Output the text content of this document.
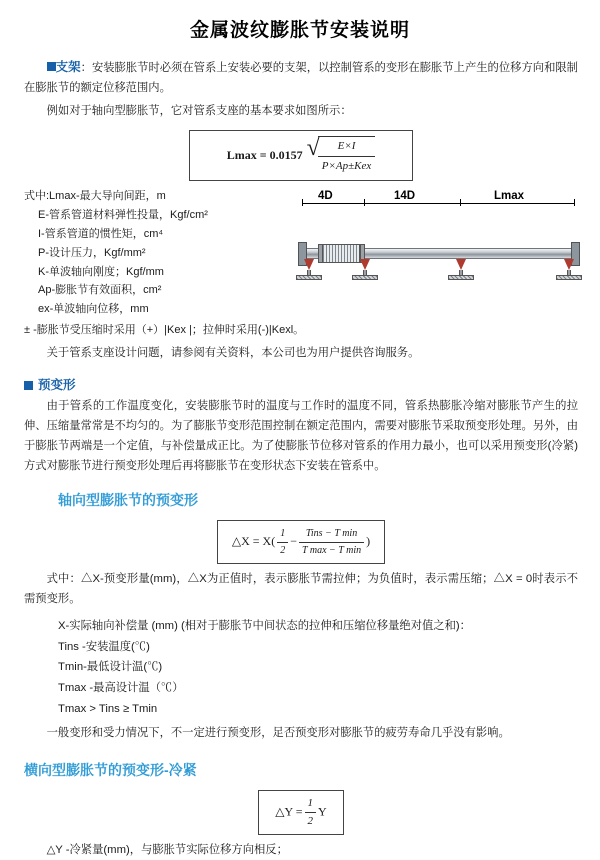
金属波纹膨胀节安装说明
支架：安装膨胀节时必须在管系上安装必要的支架，以控制管系的变形在膨胀节上产生的位移方向和限制在膨胀节的额定位移范围内。
例如对于轴向型膨胀节，它对管系支座的基本要求如图所示：
Lmax = 0.0157 √
$\frac{E\times I}{\text{P×Ap±Kex}}$
式中:Lmax-最大导向间距，m
E-管系管道材料弹性投量，Kgf/cm²
I-管系管道的惯性矩，cm⁴
P-设计压力，Kgf/mm²
K-单波轴向刚度；Kgf/mm
Ap-膨胀节有效面积，cm²
ex-单波轴向位移，mm
± -膨胀节受压缩时采用（+）|Kex |；拉伸时采用(-)|Kexl。
关于管系支座设计问题，请参阅有关资料，本公司也为用户提供咨询服务。
预变形
由于管系的工作温度变化，安装膨胀节时的温度与工作时的温度不同，管系热膨胀冷缩对膨胀节产生的拉伸、压缩量常常是不均匀的。为了膨胀节变形范围控制在额定范围内，需要对膨胀节采取预变形处理。另外，由于膨胀节两端是一个定值，与补偿量成正比。为了使膨胀节位移对管系的作用力最小，也可以采用预变形(冷紧)方式对膨胀节进行预变形处理后再将膨胀节在变形状态下安装在管系中。
轴向型膨胀节的预变形
△X = $X( \frac{1}{2} - \frac{\text{Tins − T min}}{\text{T max − T min}}$ )
式中：△X-预变形量(mm)，△X为正值时，表示膨胀节需拉伸；为负值时，表示需压缩；△X = 0时表示不需预变形。
X-实际轴向补偿量 (mm) (相对于膨胀节中间状态的拉伸和压缩位移量绝对值之和)：
Tins -安装温度(℃)
Tmin-最低设计温(℃)
Tmax -最高设计温（℃）
Tmax > Tins ≥ Tmin
一般变形和受力情况下，不一定进行预变形，足否预变形对膨胀节的疲劳寿命几乎没有影响。
横向型膨胀节的预变形-冷紧
△Y = $\frac{1}{2}$ Y
△Y -冷紧量(mm)，与膨胀节实际位移方向相反；
4D	14D	Lmax
